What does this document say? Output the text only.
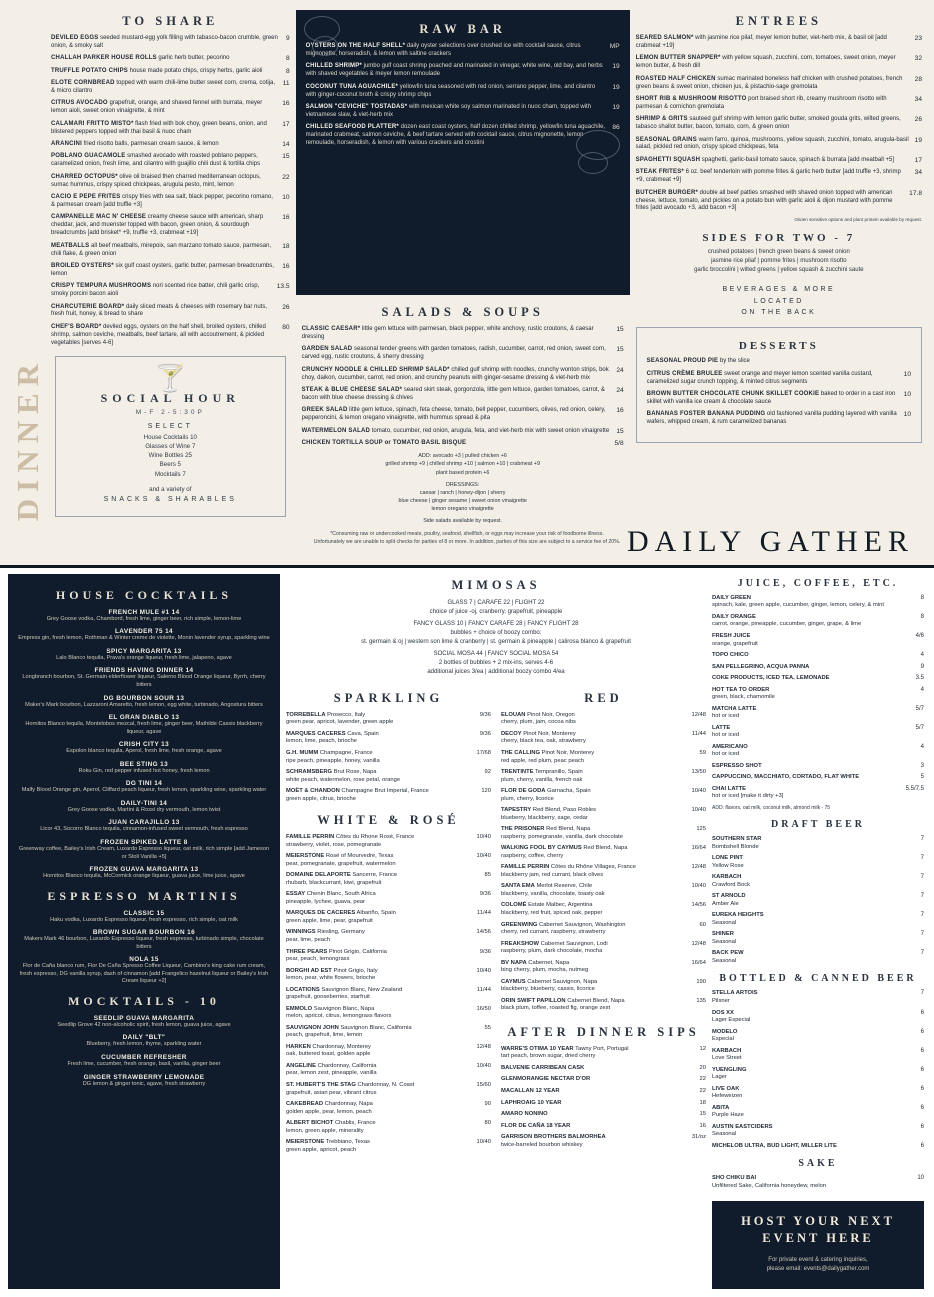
DINNER
TO SHARE
DEVILED EGGS seeded mustard-egg yolk filling with tabasco-bacon crumble, green onion, & smoky salt
9
CHALLAH PARKER HOUSE ROLLS garlic herb butter, pecorino	8
TRUFFLE POTATO CHIPS house made potato chips, crispy herbs, garlic aioli	8
ELOTE CORNBREAD topped with warm chili-lime butter sweet corn, crema, cotija, & micro cilantro
11
CITRUS AVOCADO grapefruit, orange, and shaved fennel with burrata, meyer lemon aioli, sweet onion vinaigrette, & mint
16
CALAMARI FRITTO MISTO* flash fried with bok choy, green beans, onion, and blistered peppers topped with thai basil & nuoc cham
17
ARANCINI fried risotto balls, parmesan cream sauce, & lemon	14
POBLANO GUACAMOLE smashed avocado with roasted poblano peppers, caramelized onion, fresh lime, and cilantro with guajillo chili dust & tortilla chips
15
CHARRED OCTOPUS* olive oil braised then charred mediterranean octopus, sumac hummus, crispy spiced chickpeas, arugula pesto, mint, lemon
22
CACIO E PEPE FRITES crispy fries with sea salt, black pepper, pecorino romano, & parmesan cream [add truffle +3]
10
CAMPANELLE MAC N' CHEESE creamy cheese sauce with american, sharp cheddar, jack, and muenster topped with bacon, green onion, & sourdough breadcrumbs [add brisket* +9, truffle +3, crabmeat +19]
16
MEATBALLS all beef meatballs, mirepoix, san marzano tomato sauce, parmesan, chili flake, & green onion
18
BROILED OYSTERS* six gulf coast oysters, garlic butter, parmesan breadcrumbs, lemon
16
CRISPY TEMPURA MUSHROOMS nori scented rice batter, chili garlic crisp, smoky porcini bacon aioli
13.5
CHARCUTERIE BOARD* daily sliced meats & cheeses with rosemary bar nuts, fresh fruit, honey, & bread to share
26
CHEF'S BOARD* deviled eggs, oysters on the half shell, broiled oysters, chilled shrimp, salmon ceviche, meatballs, beef tartare, all with accoutrement, & pickled vegetables [serves 4-6]
80
🍸
SOCIAL HOUR
M-F 2-5:30P
SELECT
House Cocktails 10
Glasses of Wine 7
Wine Bottles 25
Beers 5
Mocktails 7
and a variety of
SNACKS & SHARABLES
RAW BAR
OYSTERS ON THE HALF SHELL* daily oyster selections over crushed ice with cocktail sauce, citrus mignonette, horseradish, & lemon with saltine crackers
MP
CHILLED SHRIMP* jumbo gulf coast shrimp poached and marinated in vinegar, white wine, old bay, and herbs with shaved vegetables & meyer lemon remoulade
19
COCONUT TUNA AGUACHILE* yellowfin tuna seasoned with red onion, serrano pepper, lime, and cilantro with ginger-coconut broth & crispy shrimp chips
19
SALMON "CEVICHE" TOSTADAS* with mexican white soy salmon marinated in nuoc cham, topped with vietnamese slaw, & viet-herb mix
19
CHILLED SEAFOOD PLATTER* dozen east coast oysters, half dozen chilled shrimp, yellowfin tuna aguachile, marinated crabmeat, salmon ceviche, & beef tartare served with cocktail sauce, citrus mignonette, lemon remoulade, horseradish, & lemon with various crackers and crostini
86
SALADS & SOUPS
CLASSIC CAESAR* little gem lettuce with parmesan, black pepper, white anchovy, rustic croutons, & caesar dressing
15
GARDEN SALAD seasonal tender greens with garden tomatoes, radish, cucumber, carrot, red onion, sweet corn, carved egg, rustic croutons, & sherry dressing
15
CRUNCHY NOODLE & CHILLED SHRIMP SALAD* chilled gulf shrimp with noodles, crunchy wonton strips, bok choy, daikon, cucumber, carrot, red onion, and crunchy peanuts with ginger-sesame dressing & viet-herb mix
24
STEAK & BLUE CHEESE SALAD* seared skirt steak, gorgonzola, little gem lettuce, garden tomatoes, carrot, & bacon with blue cheese dressing & chives
24
GREEK SALAD little gem lettuce, spinach, feta cheese, tomato, bell pepper, cucumbers, olives, red onion, celery, pepperoncini, & lemon oregano vinaigrette, with hummus spread & pita
16
WATERMELON SALAD tomato, cucumber, red onion, arugula, feta, and viet-herb mix with sweet onion vinaigrette 15
CHICKEN TORTILLA SOUP or TOMATO BASIL BISQUE	5/8
ADD: avocado +3 | pulled chicken +6
grilled shrimp +9 | chilled shrimp +10 | salmon +10 | crabmeat +9
plant based protein +6
DRESSINGS:
caesar | ranch | honey-dijon | sherry
blue cheese | ginger sesame | sweet onion vinaigrette
lemon oregano vinaigrette
Side salads available by request.
ENTREES
SEARED SALMON* with jasmine rice pilaf, meyer lemon butter, viet-herb mix, & basil oil [add crabmeat +19]
23
LEMON BUTTER SNAPPER* with yellow squash, zucchini, corn, tomatoes, sweet onion, meyer lemon butter, & fresh dill
32
ROASTED HALF CHICKEN sumac marinated boneless half chicken with crushed potatoes, french green beans & sweet onion, chicken jus, & pistachio-sage gremolata
28
SHORT RIB & MUSHROOM RISOTTO port braised short rib, creamy mushroom risotto with parmesan & cornichon gremolata
34
SHRIMP & GRITS sauteed gulf shrimp with lemon garlic butter, smoked gouda grits, wilted greens, tabasco shallot butter, bacon, tomato, corn, & green onion
26
SEASONAL GRAINS warm farro, quinoa, mushrooms, yellow squash, zucchini, tomato, arugula-basil salad, pickled red onion, crispy spiced chickpeas, feta
19
SPAGHETTI SQUASH spaghetti, garlic-basil tomato sauce, spinach & burrata [add meatball +5]	17
STEAK FRITES* 6 oz. beef tenderloin with pomme frites & garlic herb butter [add truffle +3, shrimp +9, crabmeat +9]
34
BUTCHER BURGER* double all beef patties smashed with shaved onion topped with american cheese, lettuce, tomato, and pickles on a potato bun with garlic aioli & dijon mustard with pomme frites [add avocado +3, add bacon +3]
17.8
Gluten sensitive options and plant protein available by request.
SIDES FOR TWO - 7
crushed potatoes | french green beans & sweet onion
jasmine rice pilaf | pomme frites | mushroom risotto
garlic broccolini | wilted greens | yellow squash & zucchini saute
BEVERAGES & MORE
LOCATED
ON THE BACK
DESSERTS
SEASONAL PROUD PIE by the slice
CITRUS CRÈME BRULEE sweet orange and meyer lemon scented vanilla custard, caramelized sugar crunch topping, & minted citrus segments
10
BROWN BUTTER CHOCOLATE CHUNK SKILLET COOKIE baked to order in a cast iron skillet with vanilla ice cream & chocolate sauce
10
BANANAS FOSTER BANANA PUDDING old fashioned vanilla pudding layered with vanilla wafers, whipped cream, & rum caramelized bananas
10
*Consuming raw or undercooked meats, poultry, seafood, shellfish, or eggs may increase your risk of foodborne illness.
Unfortunately we are unable to split checks for parties of 8 or more. In addition, parties of this size are subject to a service fee of 20%. DAILY GATHER
HOUSE COCKTAILS
FRENCH MULE #1 14
Grey Goose vodka, Chambord, fresh lime, ginger beer, rich simple, lemon-lime
LAVENDER 75 14
Empress gin, fresh lemon, Rothman & Winter creme de violette, Monin lavender syrup, sparkling wine
SPICY MARGARITA 13
Lalo Blanco tequila, Prava's orange liqueur, fresh lime, jalapeno, agave
FRIENDS HAVING DINNER 14
Longbranch bourbon, St. Germain elderflower liqueur, Salerno Blood Orange liqueur, Byrrh, cherry bitters
DG BOURBON SOUR 13
Maker's Mark bourbon, Lazzaroni Amaretto, fresh lemon, egg white, turbinado, Angostura bitters
EL GRAN DIABLO 13
Hornitos Blanco tequila, Montelobos mezcal, fresh lime, ginger beer, Mathilde Cassis blackberry liqueur, agave
CRISH CITY 13
Espolon blanco tequila, Aperol, fresh lime, fresh orange, agave
BEE STING 13
Roku Gin, red pepper infused hot honey, fresh lemon
DG TINI 14
Malfy Blood Orange gin, Aperol, Cliffard peach liqueur, fresh lemon, sparkling wine, sparkling water
DAILY-TINI 14
Grey Goose vodka, Martini & Rossi dry vermouth, lemon twist
JUAN CARAJILLO 13
Licor 43, Socorro Blanco tequila, cinnamon-infused sweet vermouth, fresh espresso
FROZEN SPIKED LATTE 8
Greenway coffee, Bailey's Irish Cream, Luxardo Espresso liqueur, oat milk, rich simple [add Jameson or Stoli Vanilla +5]
FROZEN GUAVA MARGARITA 13
Hornitos Blanco tequila, McCormick orange liqueur, guava juice, lime juice, agave
ESPRESSO MARTINIS
CLASSIC 15
Haku vodka, Luxardo Espresso liqueur, fresh espresso, rich simple, oat milk
BROWN SUGAR BOURBON 16
Makers Mark 46 bourbon, Luxardo Espresso liqueur, fresh espresso, turbinado simple, chocolate bitters
NOLA 15
Flor de Caña blanco rum, Flor De Caña Spresso Coffee Liqueur, Cambino's king cake rum cream, fresh espresso, DG vanilla syrup, dash of cinnamon [add Frangelico hazelnut liqueur or Bailey's Irish Cream liqueur +2]
MOCKTAILS - 10
SEEDLIP GUAVA MARGARITA
Seedlip Grove 42 non-alcoholic spirit, fresh lemon, guava juice, agave
DAILY "BLT"
Blueberry, fresh lemon, thyme, sparkling water
CUCUMBER REFRESHER
Fresh lime, cucumber, fresh orange, basil, vanilla, ginger beer
GINGER STRAWBERRY LEMONADE
DG lemon & ginger tonic, agave, fresh strawberry
MIMOSAS
GLASS 7 | CARAFE 22 | FLIGHT 22
choice of juice -oj, cranberry, grapefruit, pineapple
FANCY GLASS 10 | FANCY CARAFE 28 | FANCY FLIGHT 28
bubbles + choice of boozy combo:
st. germain & oj | western son lime & cranberry | st. germain & pineapple | calirosa blanco & grapefruit
SOCIAL MOSA 44 | FANCY SOCIAL MOSA 54
2 bottles of bubbles + 2 mix-ins, serves 4-6
additional juices 3/ea | additional boozy combo 4/ea
SPARKLING
TORREBELLA Prosecco, Italy
green pear, apricot, lavender, green apple
9/36
MARQUES CACERES Cava, Spain
lemon, lime, peach, brioche
9/36
G.H. MUMM Champagne, France
ripe peach, pineapple, honey, vanilla
17/68
SCHRAMSBERG Brut Rose, Napa
white peach, watermelon, rose petal, orange
92
MOËT & CHANDON Champagne Brut Imperial, France
green apple, citrus, brioche
120
WHITE & ROSÉ
FAMILLE PERRIN Côtes du Rhone Rosé, France
strawberry, violet, rose, pomegranate
10/40
MEIERSTONE Rosé of Mourvedre, Texas
pear, pomegranate, grapefruit, watermelon
10/40
DOMAINE DELAPORTE Sancerre, France
rhubarb, blackcurrant, kiwi, grapefruit
85
ESSAY Chenin Blanc, South Africa
pineapple, lychee, guava, pear
9/36
MARQUES DE CACERES Albariño, Spain
green apple, lime, pear, grapefruit
11/44
WINNINGS Riesling, Germany
pear, lime, peach
14/56
THREE PEARS Pinot Grigio, California
pear, peach, lemongrass
9/36
BORGHI AD EST Pinot Grigio, Italy
lemon, pear, white flowers, brioche
10/40
LOCATIONS Sauvignon Blanc, New Zealand
grapefruit, gooseberries, starfruit
11/44
EMMOLO Sauvignon Blanc, Napa
melon, apricot, citrus, lemongrass flavors
16/50
SAUVIGNON JOHN Sauvignon Blanc, California
peach, grapefruit, lime, lemon
55
HARKEN Chardonnay, Monterey
oak, buttered toast, golden apple
12/48
ANGELINE Chardonnay, California
pear, lemon zest, pineapple, vanilla
10/40
ST. HUBERT'S THE STAG Chardonnay, N. Coast
grapefruit, asian pear, vibrant citrus
15/60
CAKEBREAD Chardonnay, Napa
golden apple, pear, lemon, peach
90
ALBERT BICHOT Chablis, France
lemon, green apple, minerality
80
MEIERSTONE Trebbiano, Texas
green apple, apricot, peach
10/40
RED
ELOUAN Pinot Noir, Oregon
cherry, plum, jam, cocoa nibs
12/48
DECOY Pinot Noir, Monterey
cherry, black tea, oak, strawberry
11/44
THE CALLING Pinot Noir, Monterey
red apple, red plum, peac peach
59
TRENTINTE Tempranillo, Spain
plum, cherry, vanilla, french oak
13/50
FLOR DE GODA Garnacha, Spain
plum, cherry, licorice
10/40
TAPESTRY Red Blend, Paso Robles
blueberry, blackberry, sage, cedar
10/40
THE PRISONER Red Blend, Napa
raspberry, pomegranate, vanilla, dark chocolate
125
WALKING FOOL BY CAYMUS Red Blend, Napa
raspberry, coffee, cherry
16/64
FAMILLE PERRIN Côtes du Rhône Villages, France
blackberry jam, red currant, black olives
12/48
SANTA EMA Merlot Reserve, Chile
blackberry, vanilla, chocolate, toasty oak
10/40
COLOMÉ Estate Malbec, Argentina
blackberry, red fruit, spiced oak, pepper
14/56
GREENWING Cabernet Sauvignon, Washington
cherry, red currant, raspberry, strawberry
60
FREAKSHOW Cabernet Sauvignon, Lodi
raspberry, plum, dark chocolate, mocha
12/48
BV NAPA Cabernet, Napa
bing cherry, plum, mocha, nutmeg
16/64
CAYMUS Cabernet Sauvignon, Napa
blackberry, blueberry, cassis, licorice
190
ORIN SWIFT PAPILLON Cabernet Blend, Napa
black plum, toffee, roasted fig, orange zest
135
AFTER DINNER SIPS
WARRE'S OTIMA 10 YEAR Tawny Port, Portugal
tart peach, brown sugar, dried cherry
12
BALVENIE CARRIBEAN CASK	20
GLENMORANGIE NECTAR D'OR	22
MACALLAN 12 YEAR	22
LAPHROAIG 10 YEAR	18
AMARO NONINO	15
FLOR DE CAÑA 18 YEAR	16
GARRISON BROTHERS BALMORHEA
twice-barreled bourbon whiskey
31/oz
JUICE, COFFEE, ETC.
DAILY GREEN
spinach, kale, green apple, cucumber, ginger, lemon, celery, & mint
8
DAILY ORANGE
carrot, orange, pineapple, cucumber, ginger, grape, & lime
8
FRESH JUICE
orange, grapefruit
4/6
TOPO CHICO	4
SAN PELLEGRINO, ACQUA PANNA	9
COKE PRODUCTS, ICED TEA, LEMONADE	3.5
HOT TEA TO ORDER
green, black, chamomile
4
MATCHA LATTE
hot or iced
5/7
LATTE
hot or iced
5/7
AMERICANO
hot or iced
4
ESPRESSO SHOT	3
CAPPUCCINO, MACCHIATO, CORTADO, FLAT WHITE	5
CHAI LATTE
hot or iced [make it dirty +3]
5.5/7.5
ADD: flavors, oat milk, coconut milk, almond milk - 75
DRAFT BEER
SOUTHERN STAR
Bombshell Blonde
7
LONE PINT
Yellow Rose
7
KARBACH
Crawford Bock
7
ST ARNOLD
Amber Ale
7
EUREKA HEIGHTS
Seasonal
7
SHINER
Seasonal
7
BACK PEW
Seasonal
7
BOTTLED & CANNED BEER
STELLA ARTOIS
Pilsner
7
DOS XX
Lager Especial
6
MODELO
Especial
6
KARBACH
Love Street
6
YUENGLING
Lager
6
LIVE OAK
Hefeweizen
6
ABITA
Purple Haze
6
AUSTIN EASTCIDERS
Seasonal
6
MICHELOB ULTRA, BUD LIGHT, MILLER LITE	6
SAKE
SHO CHIKU BAI
Unfiltered Sake, California honeydew, melon
10
HOST YOUR NEXT EVENT HERE

For private event & catering inquiries,

please email: events@dailygather.com
